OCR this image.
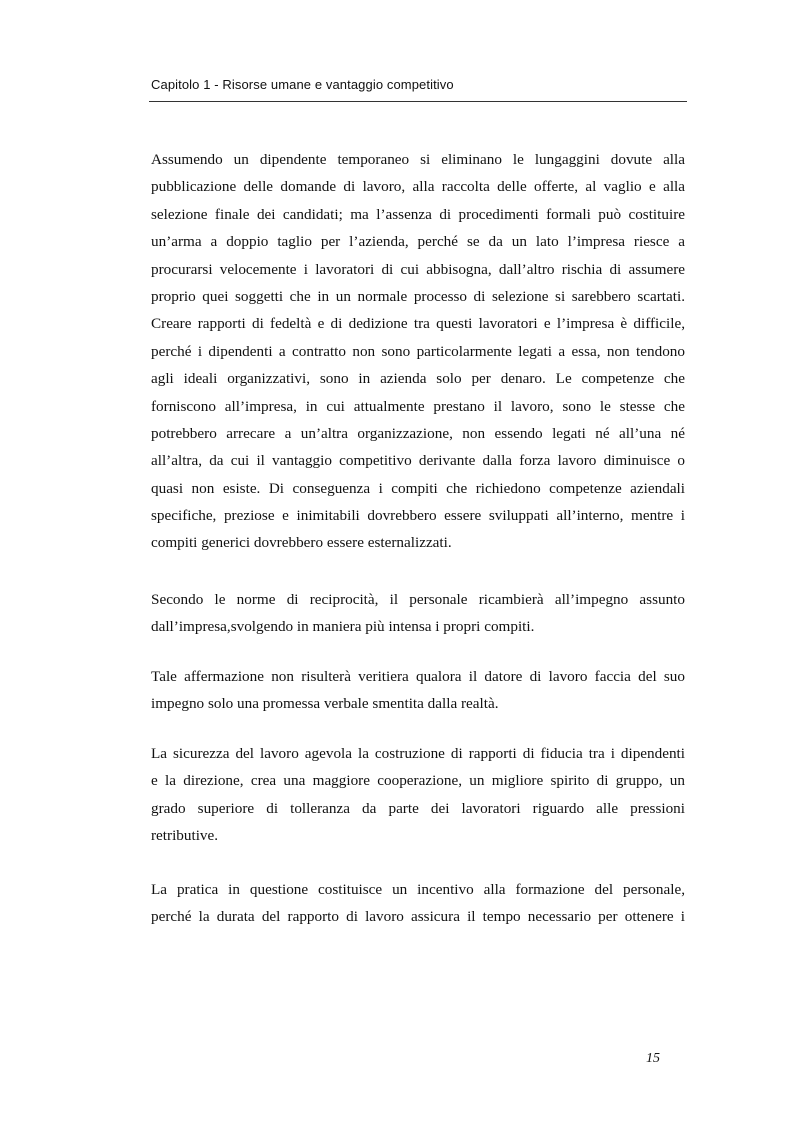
Capitolo 1 - Risorse umane e vantaggio competitivo
Assumendo un dipendente temporaneo si eliminano le lungaggini dovute alla
pubblicazione delle domande di lavoro, alla raccolta delle offerte, al vaglio e alla
selezione finale dei candidati; ma l’assenza di procedimenti formali può costituire
un’arma a doppio taglio per l’azienda, perché se da un lato l’impresa riesce a
procurarsi velocemente i lavoratori di cui abbisogna, dall’altro rischia di assumere
proprio quei soggetti che in un normale processo di selezione si sarebbero scartati.
Creare rapporti di fedeltà e di dedizione tra questi lavoratori e l’impresa è difficile,
perché i dipendenti a contratto non sono particolarmente legati a essa, non tendono
agli ideali organizzativi, sono in azienda solo per denaro. Le competenze che
forniscono all’impresa, in cui attualmente prestano il lavoro, sono le stesse che
potrebbero arrecare a un’altra organizzazione, non essendo legati né all’una né
all’altra, da cui il vantaggio competitivo derivante dalla forza lavoro diminuisce o
quasi non esiste. Di conseguenza i compiti che richiedono competenze aziendali
specifiche, preziose e inimitabili dovrebbero essere sviluppati all’interno, mentre i
compiti generici dovrebbero essere esternalizzati.
Secondo le norme di reciprocità, il personale ricambierà all’impegno assunto
dall’impresa,svolgendo in maniera più intensa i propri compiti.
Tale affermazione non risulterà veritiera qualora il datore di lavoro faccia del suo
impegno solo una promessa verbale smentita dalla realtà.
La sicurezza del lavoro agevola la costruzione di rapporti di fiducia tra i dipendenti
e la direzione, crea una maggiore cooperazione, un migliore spirito di gruppo, un
grado superiore di tolleranza da parte dei lavoratori riguardo alle pressioni
retributive.
La pratica in questione costituisce un incentivo alla formazione del personale,
perché la durata del rapporto di lavoro assicura il tempo necessario per ottenere i
15
